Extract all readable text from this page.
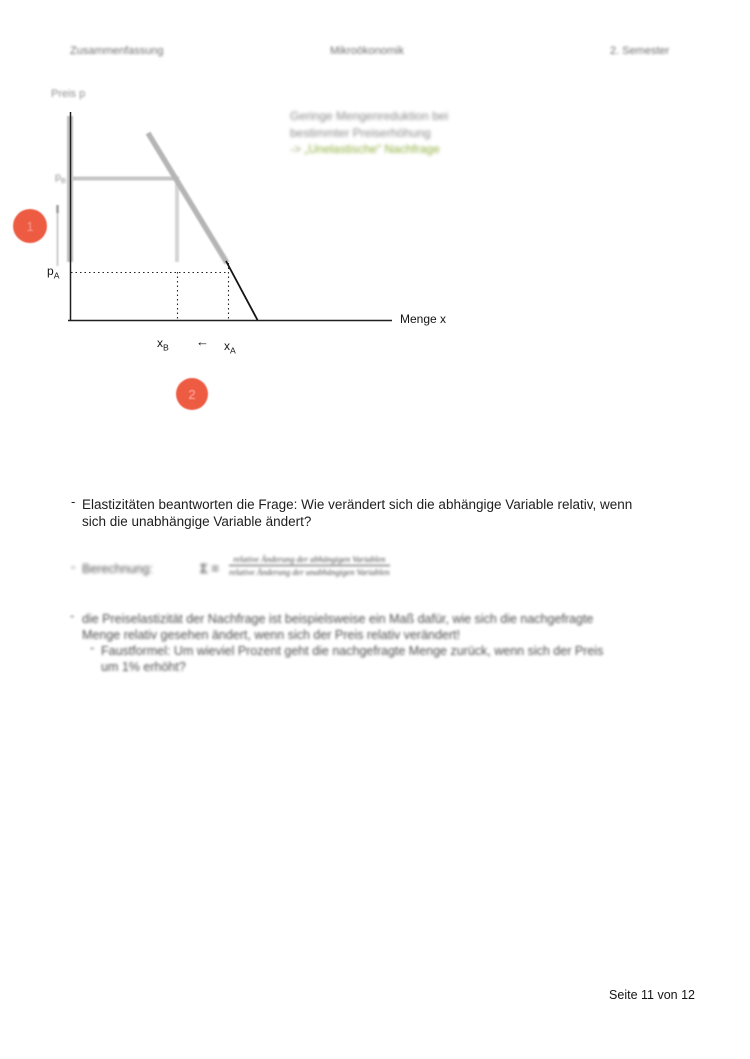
Zusammenfassung	Mikroökonomik	2. Semester
Preis p
Menge x
$p_B$
$p_A$
$x_B$ ← $x_A$
Geringe Mengenreduktion bei
bestimmter Preiserhöhung
-> „Unelastische“ Nachfrage
1
2
- Elastizitäten beantworten die Frage: Wie verändert sich die abhängige Variable relativ, wenn
sich die unabhängige Variable ändert?
- Berechnung:	Σ =
relative Änderung der abhängigen Variablen
relative Änderung der unabhängigen Variablen
- die Preiselastizität der Nachfrage ist beispielsweise ein Maß dafür, wie sich die nachgefragte
Menge relativ gesehen ändert, wenn sich der Preis relativ verändert!
- Faustformel: Um wieviel Prozent geht die nachgefragte Menge zurück, wenn sich der Preis
um 1% erhöht?
Seite 11 von 12
